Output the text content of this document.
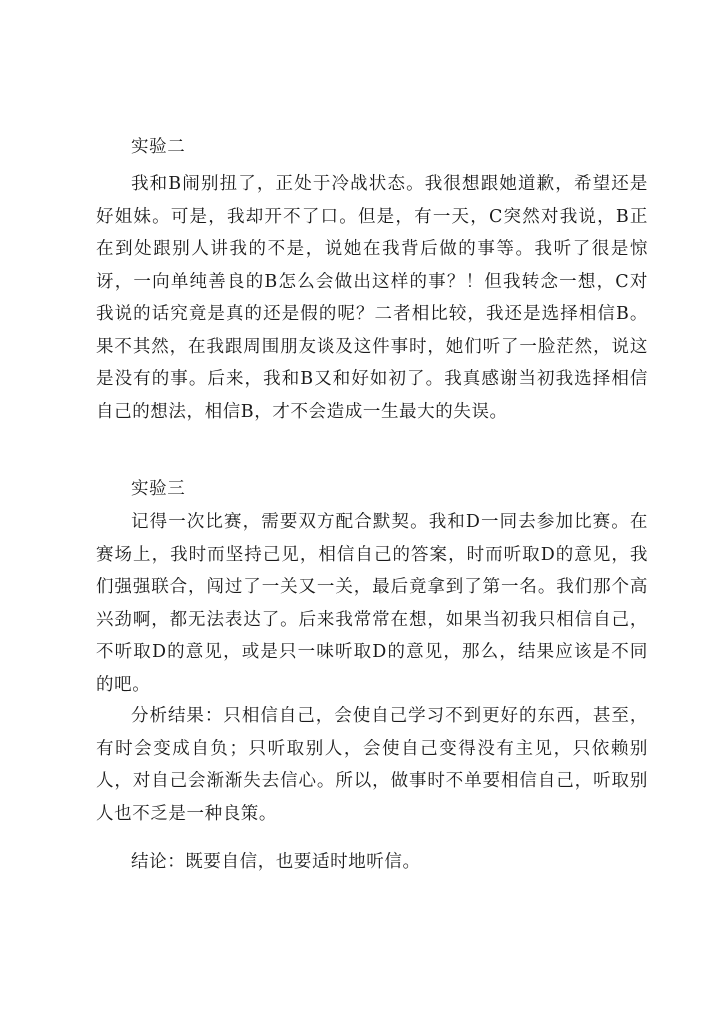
实验二

我和B闹别扭了，正处于冷战状态。我很想跟她道歉，希望还是好姐妹。可是，我却开不了口。但是，有一天，C突然对我说，B正在到处跟别人讲我的不是，说她在我背后做的事等。我听了很是惊讶，一向单纯善良的B怎么会做出这样的事？！但我转念一想，C对我说的话究竟是真的还是假的呢？二者相比较，我还是选择相信B。果不其然，在我跟周围朋友谈及这件事时，她们听了一脸茫然，说这是没有的事。后来，我和B又和好如初了。我真感谢当初我选择相信自己的想法，相信B，才不会造成一生最大的失误。

实验三

记得一次比赛，需要双方配合默契。我和D一同去参加比赛。在赛场上，我时而坚持己见，相信自己的答案，时而听取D的意见，我们强强联合，闯过了一关又一关，最后竟拿到了第一名。我们那个高兴劲啊，都无法表达了。后来我常常在想，如果当初我只相信自己，不听取D的意见，或是只一味听取D的意见，那么，结果应该是不同的吧。

分析结果：只相信自己，会使自己学习不到更好的东西，甚至，有时会变成自负；只听取别人，会使自己变得没有主见，只依赖别人，对自己会渐渐失去信心。所以，做事时不单要相信自己，听取别人也不乏是一种良策。

结论：既要自信，也要适时地听信。
